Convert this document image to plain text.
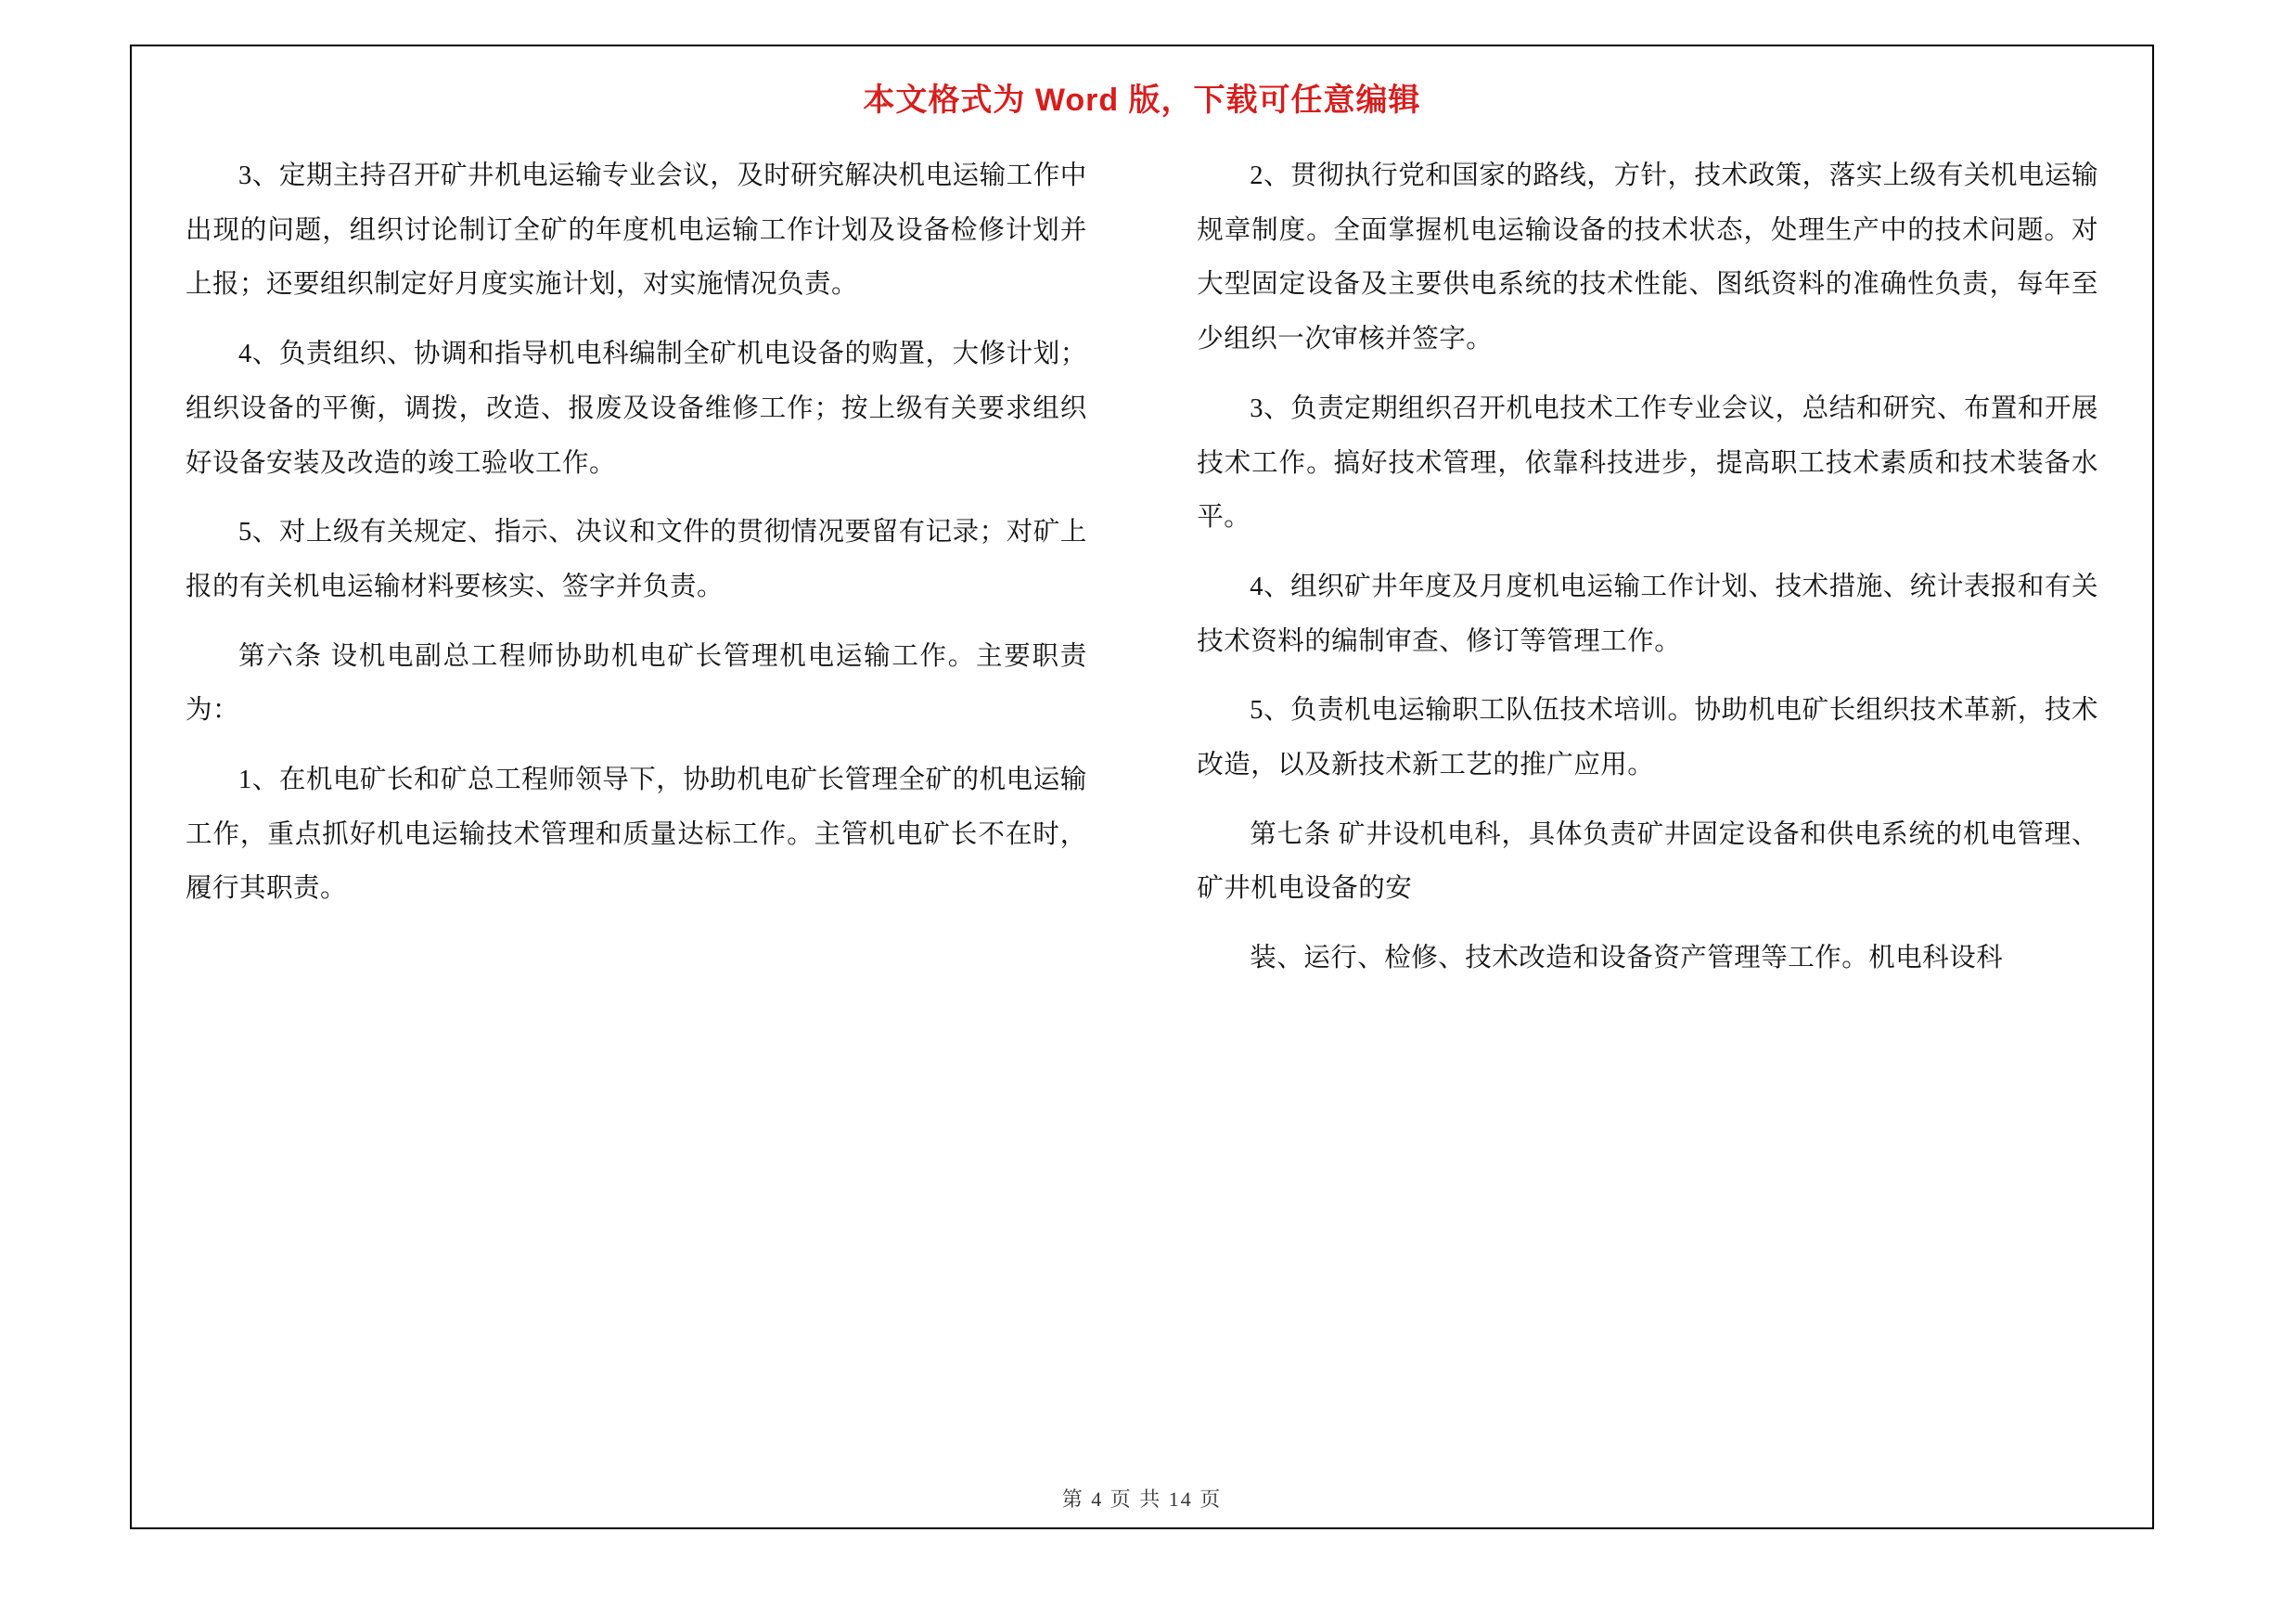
本文格式为 Word 版，下载可任意编辑

3、定期主持召开矿井机电运输专业会议，及时研究解决机电运输工作中出现的问题，组织讨论制订全矿的年度机电运输工作计划及设备检修计划并上报；还要组织制定好月度实施计划，对实施情况负责。

4、负责组织、协调和指导机电科编制全矿机电设备的购置，大修计划；组织设备的平衡，调拨，改造、报废及设备维修工作；按上级有关要求组织好设备安装及改造的竣工验收工作。

5、对上级有关规定、指示、决议和文件的贯彻情况要留有记录；对矿上报的有关机电运输材料要核实、签字并负责。

第六条 设机电副总工程师协助机电矿长管理机电运输工作。主要职责为：

1、在机电矿长和矿总工程师领导下，协助机电矿长管理全矿的机电运输工作，重点抓好机电运输技术管理和质量达标工作。主管机电矿长不在时，履行其职责。

2、贯彻执行党和国家的路线，方针，技术政策，落实上级有关机电运输规章制度。全面掌握机电运输设备的技术状态，处理生产中的技术问题。对大型固定设备及主要供电系统的技术性能、图纸资料的准确性负责，每年至少组织一次审核并签字。

3、负责定期组织召开机电技术工作专业会议，总结和研究、布置和开展技术工作。搞好技术管理，依靠科技进步，提高职工技术素质和技术装备水平。

4、组织矿井年度及月度机电运输工作计划、技术措施、统计表报和有关技术资料的编制审查、修订等管理工作。

5、负责机电运输职工队伍技术培训。协助机电矿长组织技术革新，技术改造，以及新技术新工艺的推广应用。

第七条 矿井设机电科，具体负责矿井固定设备和供电系统的机电管理、矿井机电设备的安

装、运行、检修、技术改造和设备资产管理等工作。机电科设科

第 4 页 共 14 页
